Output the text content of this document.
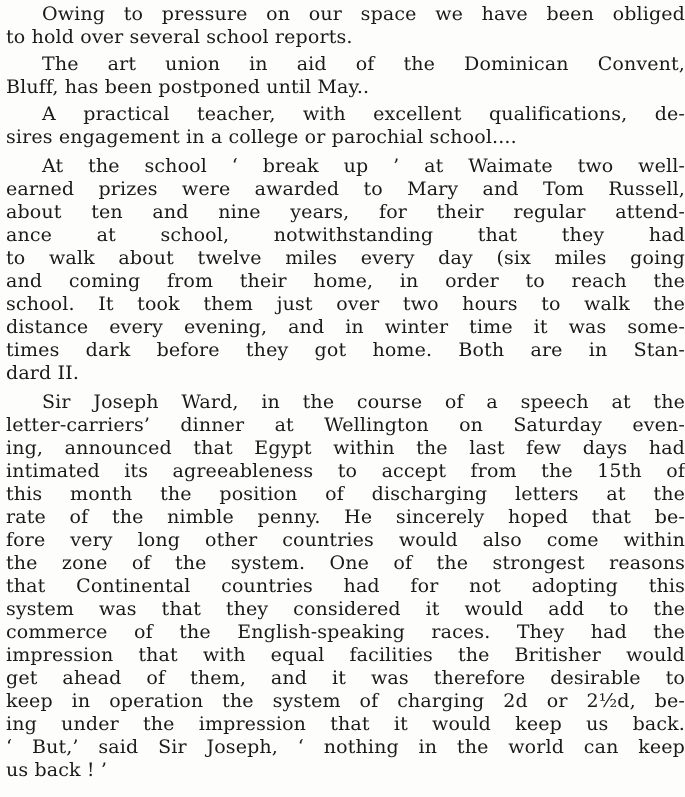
Owing to pressure on our space we have been obliged
to hold over several school reports.
The art union in aid of the Dominican Convent,
Bluff, has been postponed until May..
A practical teacher, with excellent qualifications, de-
sires engagement in a college or parochial school....
At the school ‘ break up ’ at Waimate two well-
earned prizes were awarded to Mary and Tom Russell,
about ten and nine years, for their regular attend-
ance at school, notwithstanding that they had
to walk about twelve miles every day (six miles going
and coming from their home, in order to reach the
school. It took them just over two hours to walk the
distance every evening, and in winter time it was some-
times dark before they got home. Both are in Stan-
dard II.
Sir Joseph Ward, in the course of a speech at the
letter-carriers’ dinner at Wellington on Saturday even-
ing, announced that Egypt within the last few days had
intimated its agreeableness to accept from the 15th of
this month the position of discharging letters at the
rate of the nimble penny. He sincerely hoped that be-
fore very long other countries would also come within
the zone of the system. One of the strongest reasons
that Continental countries had for not adopting this
system was that they considered it would add to the
commerce of the English-speaking races. They had the
impression that with equal facilities the Britisher would
get ahead of them, and it was therefore desirable to
keep in operation the system of charging 2d or 2½d, be-
ing under the impression that it would keep us back.
‘ But,’ said Sir Joseph, ‘ nothing in the world can keep
us back ! ’
